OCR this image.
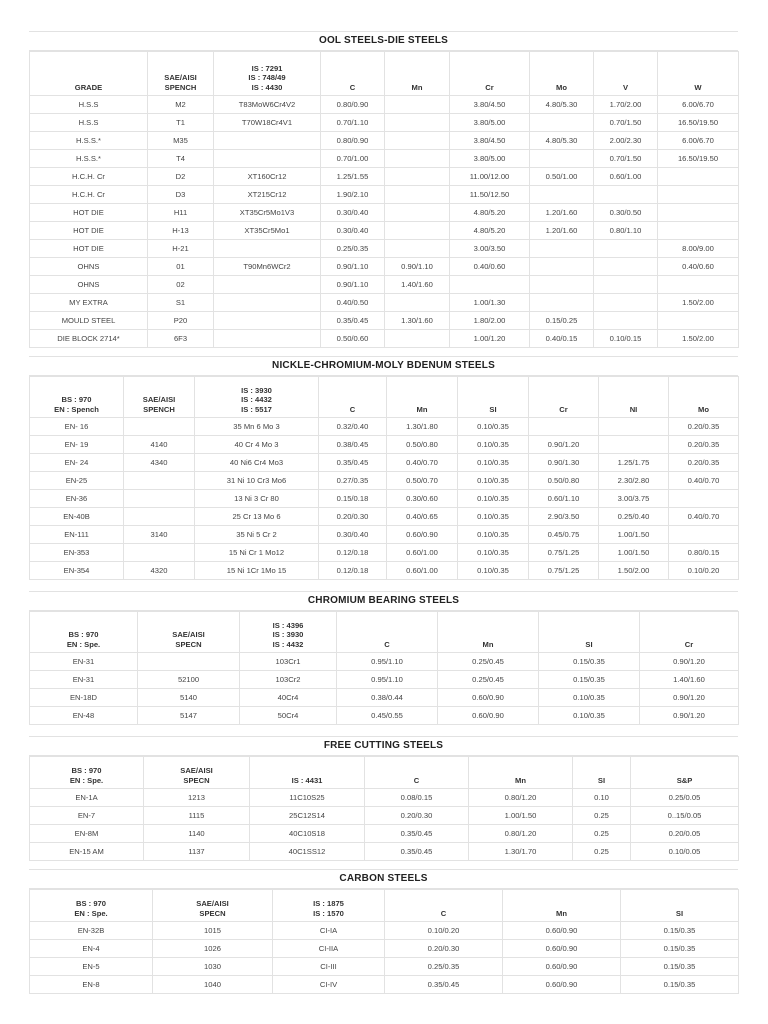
OOL STEELS-DIE STEELS
GRADE	SAE/AISI
SPENCH	IS : 7291
IS : 748/49
IS : 4430	C	Mn	Cr	Mo	V	W

H.S.S	M2	T83MoW6Cr4V2	0.80/0.90		3.80/4.50	4.80/5.30	1.70/2.00	6.00/6.70
H.S.S	T1	T70W18Cr4V1	0.70/1.10		3.80/5.00		0.70/1.50	16.50/19.50
H.S.S.*	M35		0.80/0.90		3.80/4.50	4.80/5.30	2.00/2.30	6.00/6.70
H.S.S.*	T4		0.70/1.00		3.80/5.00		0.70/1.50	16.50/19.50
H.C.H. Cr	D2	XT160Cr12	1.25/1.55		11.00/12.00	0.50/1.00	0.60/1.00	
H.C.H. Cr	D3	XT215Cr12	1.90/2.10		11.50/12.50			
HOT DIE	H11	XT35Cr5Mo1V3	0.30/0.40		4.80/5.20	1.20/1.60	0.30/0.50	
HOT DIE	H-13	XT35Cr5Mo1	0.30/0.40		4.80/5.20	1.20/1.60	0.80/1.10	
HOT DIE	H-21		0.25/0.35		3.00/3.50			8.00/9.00
OHNS	01	T90Mn6WCr2	0.90/1.10	0.90/1.10	0.40/0.60			0.40/0.60
OHNS	02		0.90/1.10	1.40/1.60				
MY EXTRA	S1		0.40/0.50		1.00/1.30			1.50/2.00
MOULD STEEL	P20		0.35/0.45	1.30/1.60	1.80/2.00	0.15/0.25		
DIE BLOCK 2714*	6F3		0.50/0.60		1.00/1.20	0.40/0.15	0.10/0.15	1.50/2.00
NICKLE-CHROMIUM-MOLY BDENUM STEELS
BS : 970
EN : Spench	SAE/AISI
SPENCH	IS : 3930
IS : 4432
IS : 5517	C	Mn	SI	Cr	NI	Mo

EN- 16		35 Mn 6 Mo 3	0.32/0.40	1.30/1.80	0.10/0.35			0.20/0.35
EN- 19	4140	40 Cr 4 Mo 3	0.38/0.45	0.50/0.80	0.10/0.35	0.90/1.20		0.20/0.35
EN- 24	4340	40 Ni6 Cr4 Mo3	0.35/0.45	0.40/0.70	0.10/0.35	0.90/1.30	1.25/1.75	0.20/0.35
EN-25		31 Ni 10 Cr3 Mo6	0.27/0.35	0.50/0.70	0.10/0.35	0.50/0.80	2.30/2.80	0.40/0.70
EN-36		13 Ni 3 Cr 80	0.15/0.18	0.30/0.60	0.10/0.35	0.60/1.10	3.00/3.75	
EN-40B		25 Cr 13 Mo 6	0.20/0.30	0.40/0.65	0.10/0.35	2.90/3.50	0.25/0.40	0.40/0.70
EN-111	3140	35 Ni 5 Cr 2	0.30/0.40	0.60/0.90	0.10/0.35	0.45/0.75	1.00/1.50	
EN-353		15 Ni Cr 1 Mo12	0.12/0.18	0.60/1.00	0.10/0.35	0.75/1.25	1.00/1.50	0.80/0.15
EN-354	4320	15 Ni 1Cr 1Mo 15	0.12/0.18	0.60/1.00	0.10/0.35	0.75/1.25	1.50/2.00	0.10/0.20
CHROMIUM BEARING STEELS
BS : 970
EN : Spe.	SAE/AISI
SPECN	IS : 4396
IS : 3930
IS : 4432	C	Mn	SI	Cr

EN-31		103Cr1	0.95/1.10	0.25/0.45	0.15/0.35	0.90/1.20
EN-31	52100	103Cr2	0.95/1.10	0.25/0.45	0.15/0.35	1.40/1.60
EN-18D	5140	40Cr4	0.38/0.44	0.60/0.90	0.10/0.35	0.90/1.20
EN-48	5147	50Cr4	0.45/0.55	0.60/0.90	0.10/0.35	0.90/1.20
FREE CUTTING STEELS
BS : 970
EN : Spe.	SAE/AISI
SPECN	IS : 4431	C	Mn	SI	S&P

EN-1A	1213	11C10S25	0.08/0.15	0.80/1.20	0.10	0.25/0.05
EN-7	1115	25C12S14	0.20/0.30	1.00/1.50	0.25	0..15/0.05
EN-8M	1140	40C10S18	0.35/0.45	0.80/1.20	0.25	0.20/0.05
EN-15 AM	1137	40C1SS12	0.35/0.45	1.30/1.70	0.25	0.10/0.05
CARBON STEELS
BS : 970
EN : Spe.	SAE/AISI
SPECN	IS : 1875
IS : 1570	C	Mn	SI

EN-32B	1015	CI-IA	0.10/0.20	0.60/0.90	0.15/0.35
EN-4	1026	CI-IIA	0.20/0.30	0.60/0.90	0.15/0.35
EN-5	1030	CI-III	0.25/0.35	0.60/0.90	0.15/0.35
EN-8	1040	CI-IV	0.35/0.45	0.60/0.90	0.15/0.35
